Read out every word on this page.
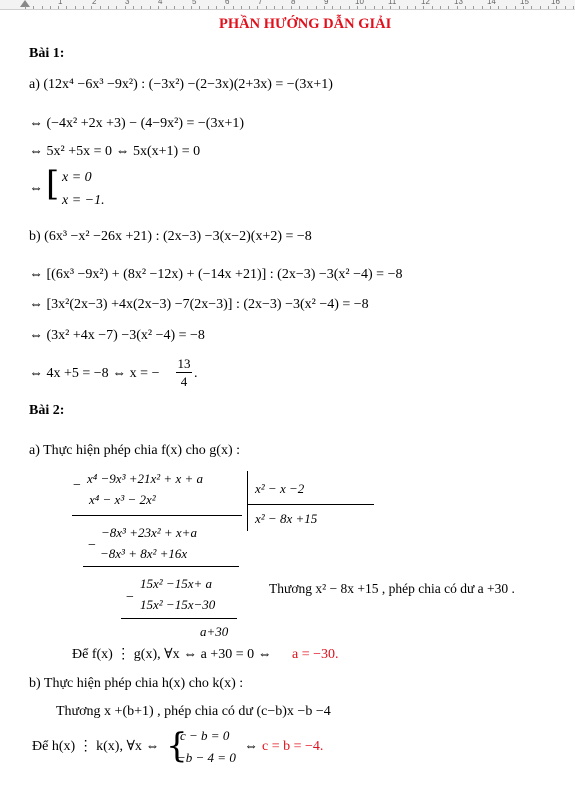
1	2	3	4	5	6	7	8	9	10	11	12	13	14	15	16
PHẦN HƯỚNG DẪN GIẢI
Bài 1:
a) (12x⁴ −6x³ −9x²) : (−3x²) −(2−3x)(2+3x) = −(3x+1)
⇔ (−4x² +2x +3) − (4−9x²) = −(3x+1)
⇔ 5x² +5x = 0 ⇔ 5x(x+1) = 0
⇔ [ x = 0
x = −1.
b) (6x³ −x² −26x +21) : (2x−3) −3(x−2)(x+2) = −8
⇔ [(6x³ −9x²) + (8x² −12x) + (−14x +21)] : (2x−3) −3(x² −4) = −8
⇔ [3x²(2x−3) +4x(2x−3) −7(2x−3)] : (2x−3) −3(x² −4) = −8
⇔ (3x² +4x −7) −3(x² −4) = −8
⇔ 4x +5 = −8 ⇔ x = −
13
4
.
Bài 2:
a) Thực hiện phép chia f(x) cho g(x) :
− x⁴ −9x³ +21x² + x + a
x⁴ − x³ − 2x²
−
−8x³ +23x² + x+a
−8x³ + 8x² +16x
−
15x² −15x+ a
15x² −15x−30
a+30
x² − x −2
x² − 8x +15
Thương x² − 8x +15 , phép chia có dư a +30 .
Để f(x) ⋮ g(x), ∀x ⇔ a +30 = 0 ⇔ a = −30.
b) Thực hiện phép chia h(x) cho k(x) :
Thương x +(b+1) , phép chia có dư (c−b)x −b −4
Để h(x) ⋮ k(x), ∀x ⇔ {
c − b = 0
−b − 4 = 0
⇔ c = b = −4.
